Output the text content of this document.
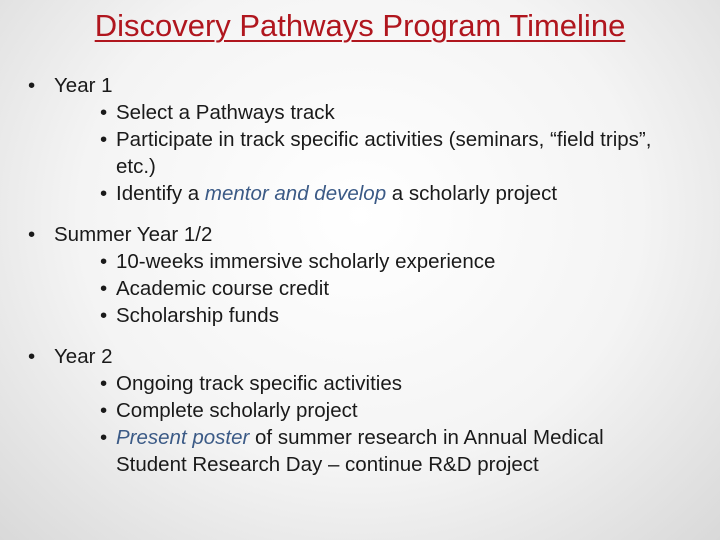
Discovery Pathways Program Timeline
• Year 1
• Select a Pathways track
• Participate in track specific activities (seminars, “field trips”, etc.)
• Identify a mentor and develop a scholarly project
• Summer Year 1/2
• 10-weeks immersive scholarly experience
• Academic course credit
• Scholarship funds
• Year 2
• Ongoing track specific activities
• Complete scholarly project
• Present poster of summer research in Annual Medical Student Research Day – continue R&D project
